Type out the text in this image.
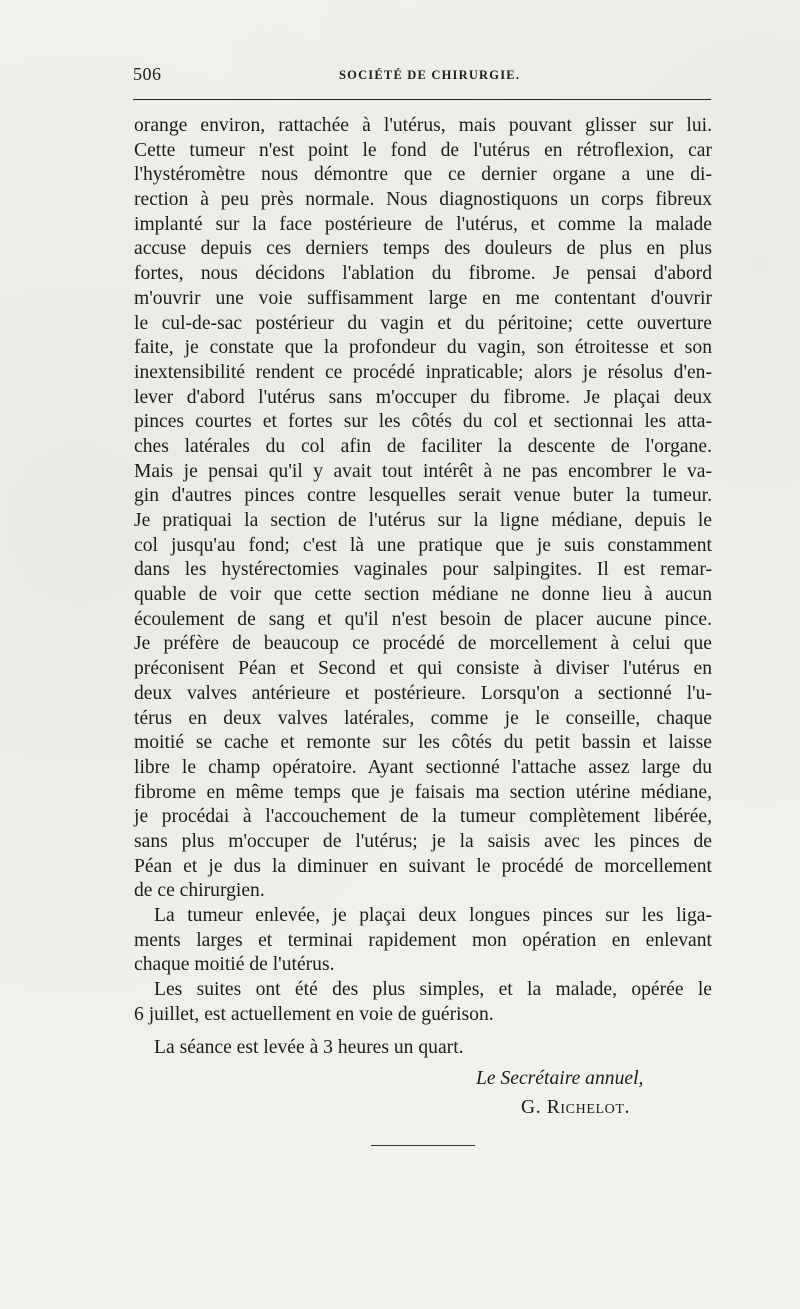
506	SOCIÉTÉ DE CHIRURGIE.
orange environ, rattachée à l'utérus, mais pouvant glisser sur lui.
Cette tumeur n'est point le fond de l'utérus en rétroflexion, car
l'hystéromètre nous démontre que ce dernier organe a une di-
rection à peu près normale. Nous diagnostiquons un corps fibreux
implanté sur la face postérieure de l'utérus, et comme la malade
accuse depuis ces derniers temps des douleurs de plus en plus
fortes, nous décidons l'ablation du fibrome. Je pensai d'abord
m'ouvrir une voie suffisamment large en me contentant d'ouvrir
le cul-de-sac postérieur du vagin et du péritoine; cette ouverture
faite, je constate que la profondeur du vagin, son étroitesse et son
inextensibilité rendent ce procédé inpraticable; alors je résolus d'en-
lever d'abord l'utérus sans m'occuper du fibrome. Je plaçai deux
pinces courtes et fortes sur les côtés du col et sectionnai les atta-
ches latérales du col afin de faciliter la descente de l'organe.
Mais je pensai qu'il y avait tout intérêt à ne pas encombrer le va-
gin d'autres pinces contre lesquelles serait venue buter la tumeur.
Je pratiquai la section de l'utérus sur la ligne médiane, depuis le
col jusqu'au fond; c'est là une pratique que je suis constamment
dans les hystérectomies vaginales pour salpingites. Il est remar-
quable de voir que cette section médiane ne donne lieu à aucun
écoulement de sang et qu'il n'est besoin de placer aucune pince.
Je préfère de beaucoup ce procédé de morcellement à celui que
préconisent Péan et Second et qui consiste à diviser l'utérus en
deux valves antérieure et postérieure. Lorsqu'on a sectionné l'u-
térus en deux valves latérales, comme je le conseille, chaque
moitié se cache et remonte sur les côtés du petit bassin et laisse
libre le champ opératoire. Ayant sectionné l'attache assez large du
fibrome en même temps que je faisais ma section utérine médiane,
je procédai à l'accouchement de la tumeur complètement libérée,
sans plus m'occuper de l'utérus; je la saisis avec les pinces de
Péan et je dus la diminuer en suivant le procédé de morcellement
de ce chirurgien.
La tumeur enlevée, je plaçai deux longues pinces sur les liga-
ments larges et terminai rapidement mon opération en enlevant
chaque moitié de l'utérus.
Les suites ont été des plus simples, et la malade, opérée le
6 juillet, est actuellement en voie de guérison.
La séance est levée à 3 heures un quart.
Le Secrétaire annuel,
G. Richelot.
